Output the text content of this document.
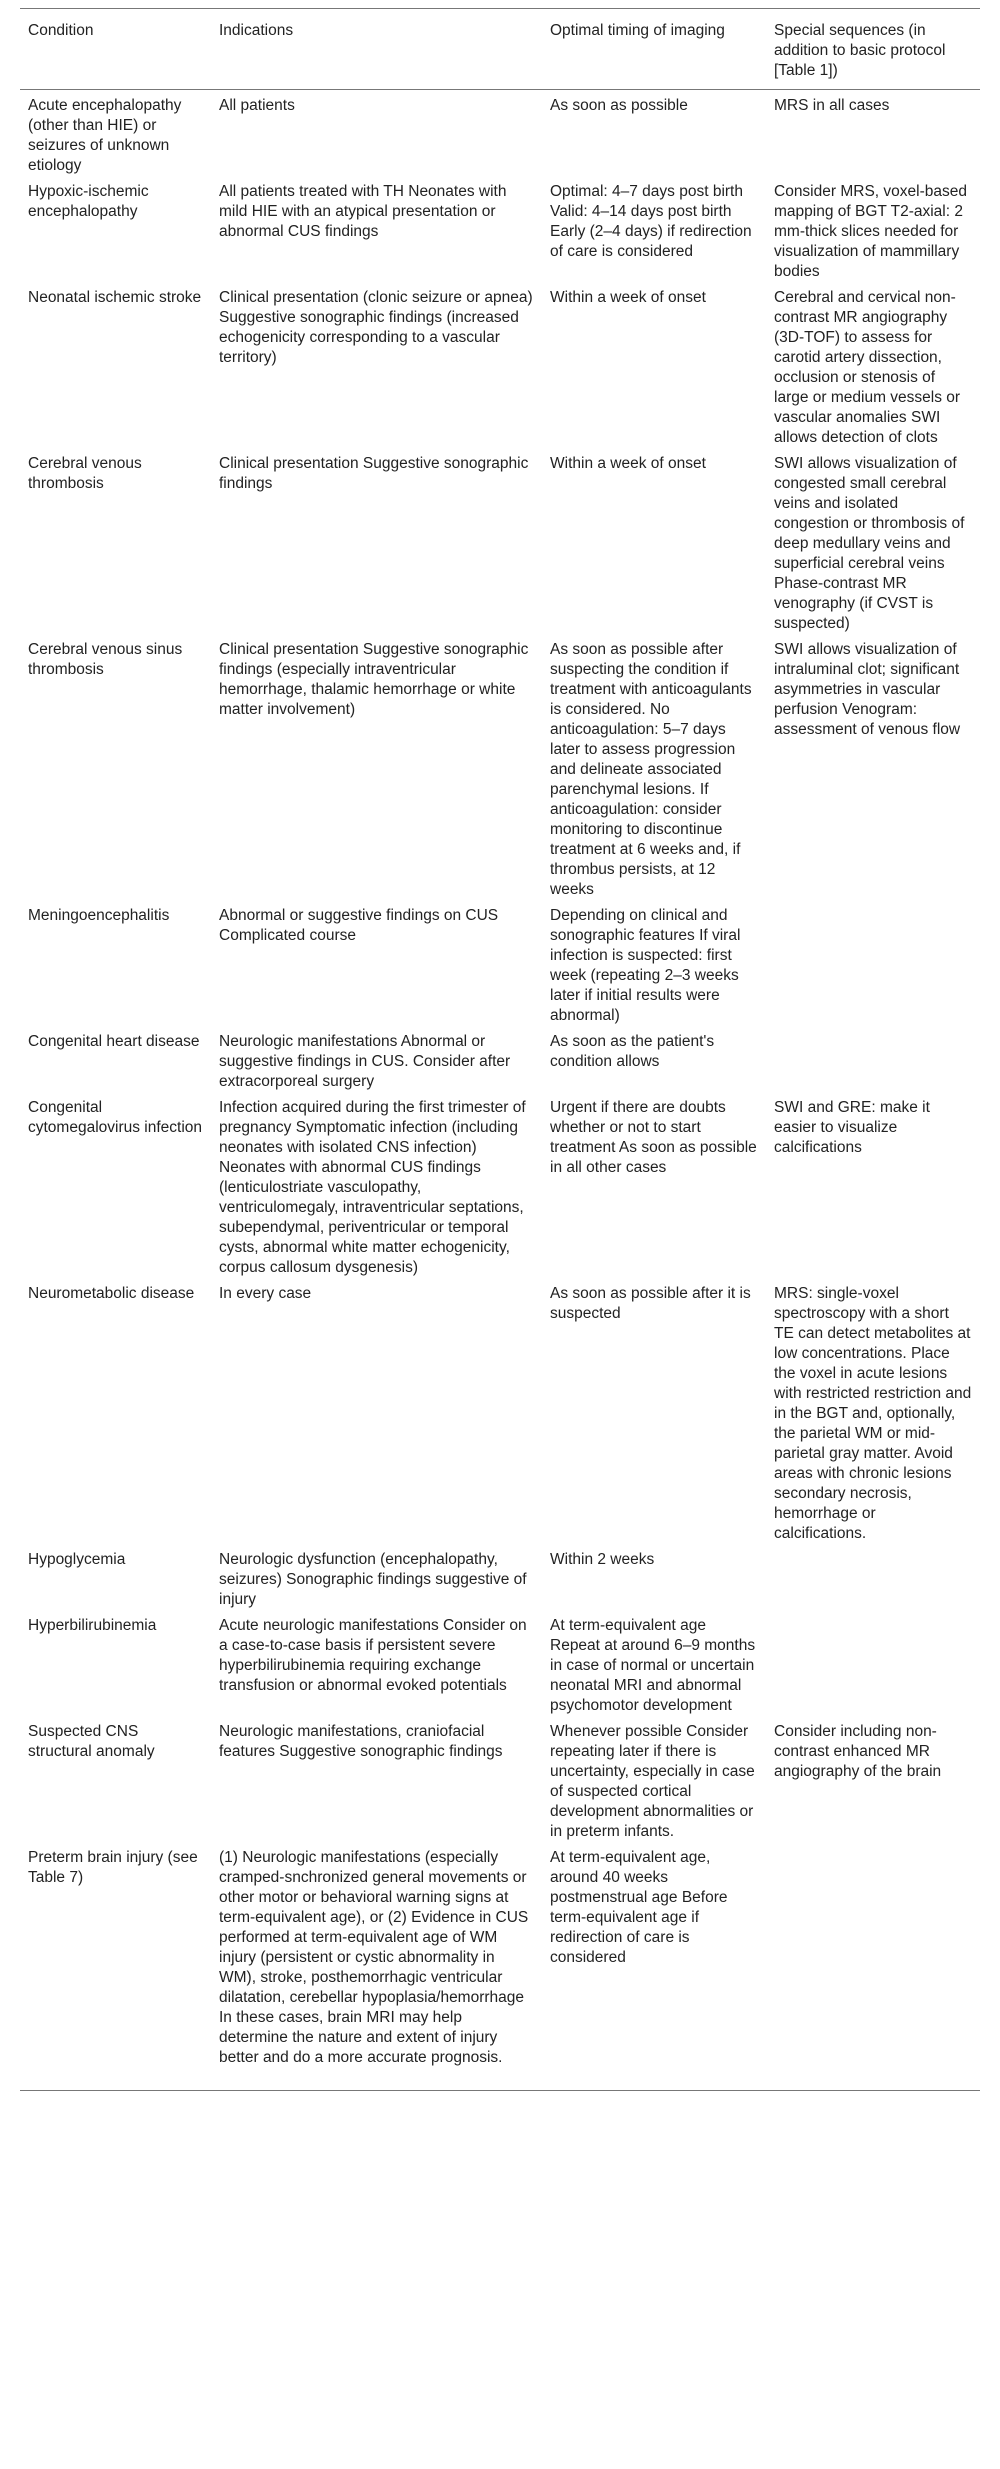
Condition	Indications	Optimal timing of imaging	Special sequences (in addition to basic protocol [Table 1])
Acute encephalopathy (other than HIE) or seizures of unknown etiology	All patients	As soon as possible	MRS in all cases
Hypoxic-ischemic encephalopathy	All patients treated with TH Neonates with mild HIE with an atypical presentation or abnormal CUS findings	Optimal: 4–7 days post birth Valid: 4–14 days post birth Early (2–4 days) if redirection of care is considered	Consider MRS, voxel-based mapping of BGT T2-axial: 2 mm-thick slices needed for visualization of mammillary bodies
Neonatal ischemic stroke	Clinical presentation (clonic seizure or apnea) Suggestive sonographic findings (increased echogenicity corresponding to a vascular territory)	Within a week of onset	Cerebral and cervical non-contrast MR angiography (3D-TOF) to assess for carotid artery dissection, occlusion or stenosis of large or medium vessels or vascular anomalies SWI allows detection of clots
Cerebral venous thrombosis	Clinical presentation Suggestive sonographic findings	Within a week of onset	SWI allows visualization of congested small cerebral veins and isolated congestion or thrombosis of deep medullary veins and superficial cerebral veins Phase-contrast MR venography (if CVST is suspected)
Cerebral venous sinus thrombosis	Clinical presentation Suggestive sonographic findings (especially intraventricular hemorrhage, thalamic hemorrhage or white matter involvement)	As soon as possible after suspecting the condition if treatment with anticoagulants is considered. No anticoagulation: 5–7 days later to assess progression and delineate associated parenchymal lesions. If anticoagulation: consider monitoring to discontinue treatment at 6 weeks and, if thrombus persists, at 12 weeks	SWI allows visualization of intraluminal clot; significant asymmetries in vascular perfusion Venogram: assessment of venous flow
Meningoencephalitis	Abnormal or suggestive findings on CUS Complicated course	Depending on clinical and sonographic features If viral infection is suspected: first week (repeating 2–3 weeks later if initial results were abnormal)	
Congenital heart disease	Neurologic manifestations Abnormal or suggestive findings in CUS. Consider after extracorporeal surgery	As soon as the patient's condition allows	
Congenital cytomegalovirus infection	Infection acquired during the first trimester of pregnancy Symptomatic infection (including neonates with isolated CNS infection) Neonates with abnormal CUS findings (lenticulostriate vasculopathy, ventriculomegaly, intraventricular septations, subependymal, periventricular or temporal cysts, abnormal white matter echogenicity, corpus callosum dysgenesis)	Urgent if there are doubts whether or not to start treatment As soon as possible in all other cases	SWI and GRE: make it easier to visualize calcifications
Neurometabolic disease	In every case	As soon as possible after it is suspected	MRS: single-voxel spectroscopy with a short TE can detect metabolites at low concentrations. Place the voxel in acute lesions with restricted restriction and in the BGT and, optionally, the parietal WM or mid-parietal gray matter. Avoid areas with chronic lesions secondary necrosis, hemorrhage or calcifications.
Hypoglycemia	Neurologic dysfunction (encephalopathy, seizures) Sonographic findings suggestive of injury	Within 2 weeks	
Hyperbilirubinemia	Acute neurologic manifestations Consider on a case-to-case basis if persistent severe hyperbilirubinemia requiring exchange transfusion or abnormal evoked potentials	At term-equivalent age Repeat at around 6–9 months in case of normal or uncertain neonatal MRI and abnormal psychomotor development	
Suspected CNS structural anomaly	Neurologic manifestations, craniofacial features Suggestive sonographic findings	Whenever possible Consider repeating later if there is uncertainty, especially in case of suspected cortical development abnormalities or in preterm infants.	Consider including non-contrast enhanced MR angiography of the brain
Preterm brain injury (see Table 7)	(1) Neurologic manifestations (especially cramped-snchronized general movements or other motor or behavioral warning signs at term-equivalent age), or (2) Evidence in CUS performed at term-equivalent age of WM injury (persistent or cystic abnormality in WM), stroke, posthemorrhagic ventricular dilatation, cerebellar hypoplasia/hemorrhage In these cases, brain MRI may help determine the nature and extent of injury better and do a more accurate prognosis.	At term-equivalent age, around 40 weeks postmenstrual age Before term-equivalent age if redirection of care is considered	
